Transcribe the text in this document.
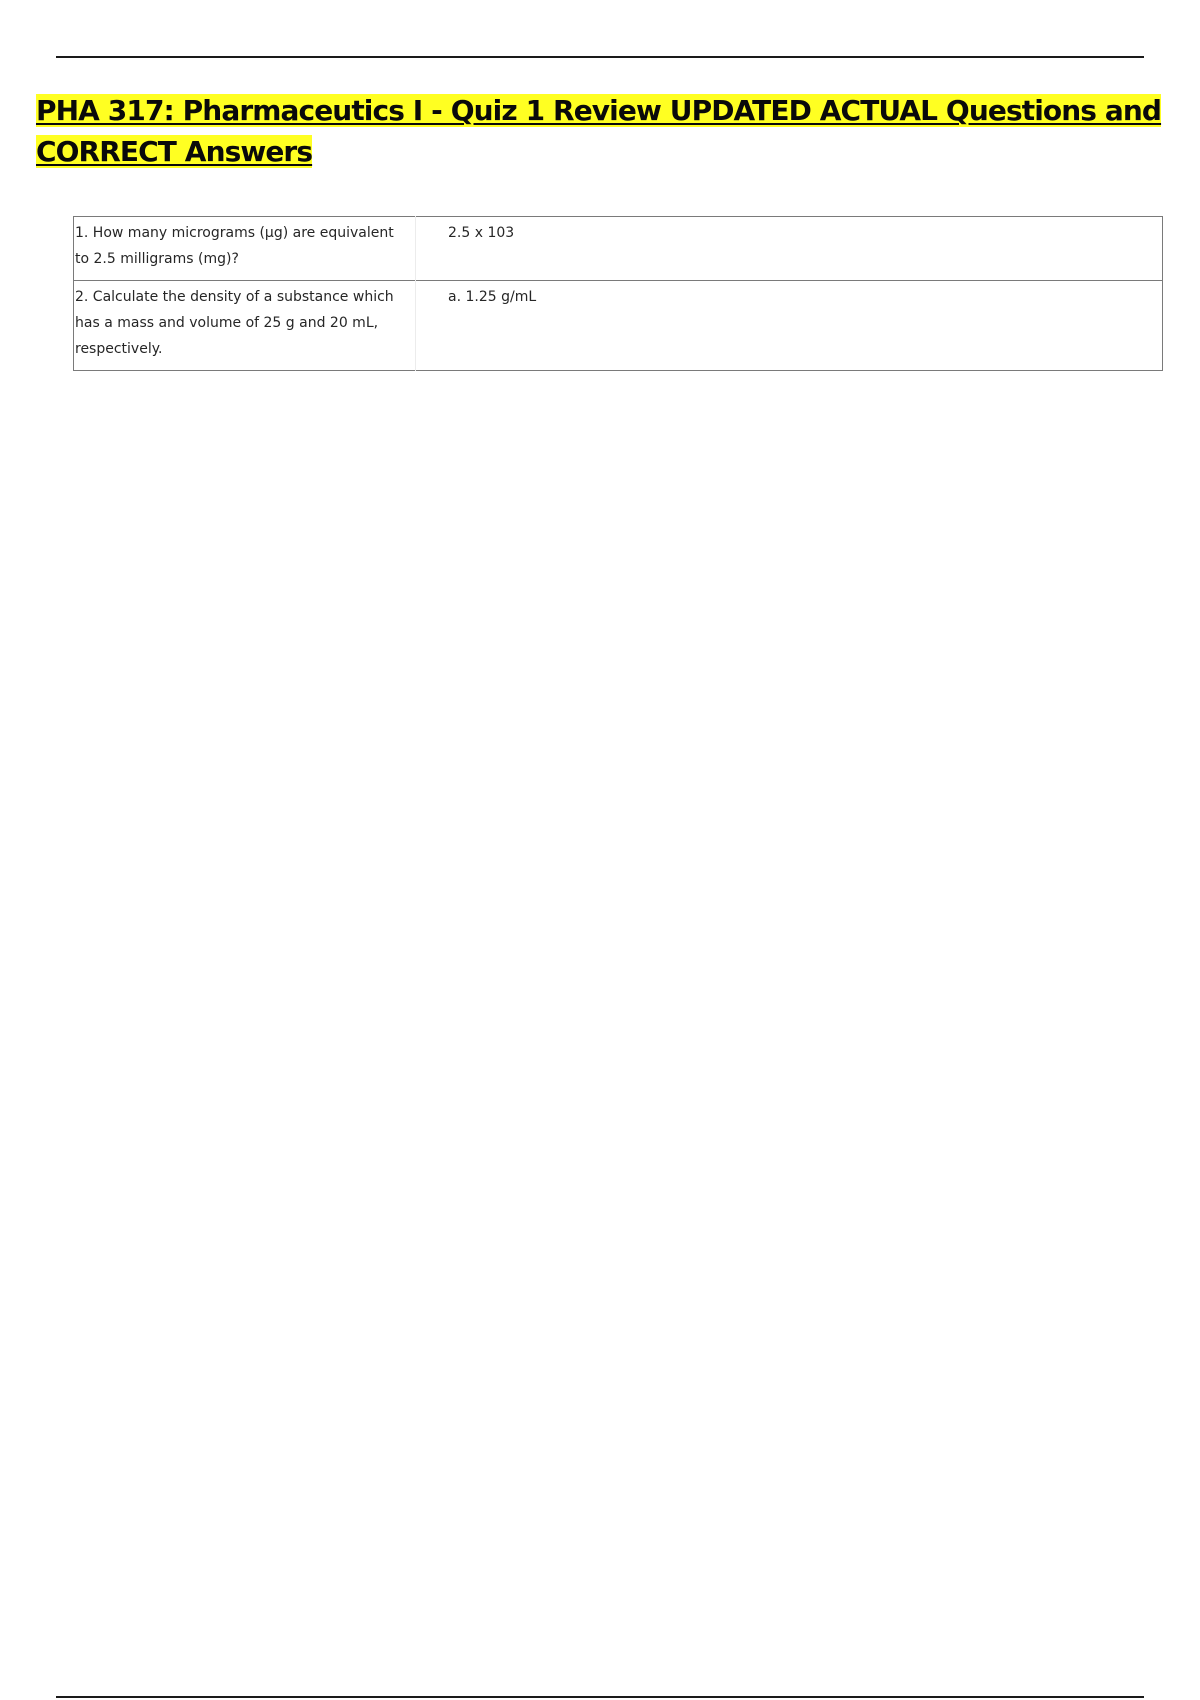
PHA 317: Pharmaceutics I - Quiz 1 Review UPDATED ACTUAL Questions and CORRECT Answers
1. How many micrograms (µg) are equivalent to 2.5 milligrams (mg)?	2.5 x 103
2. Calculate the density of a substance which has a mass and volume of 25 g and 20 mL, respectively.	a. 1.25 g/mL
